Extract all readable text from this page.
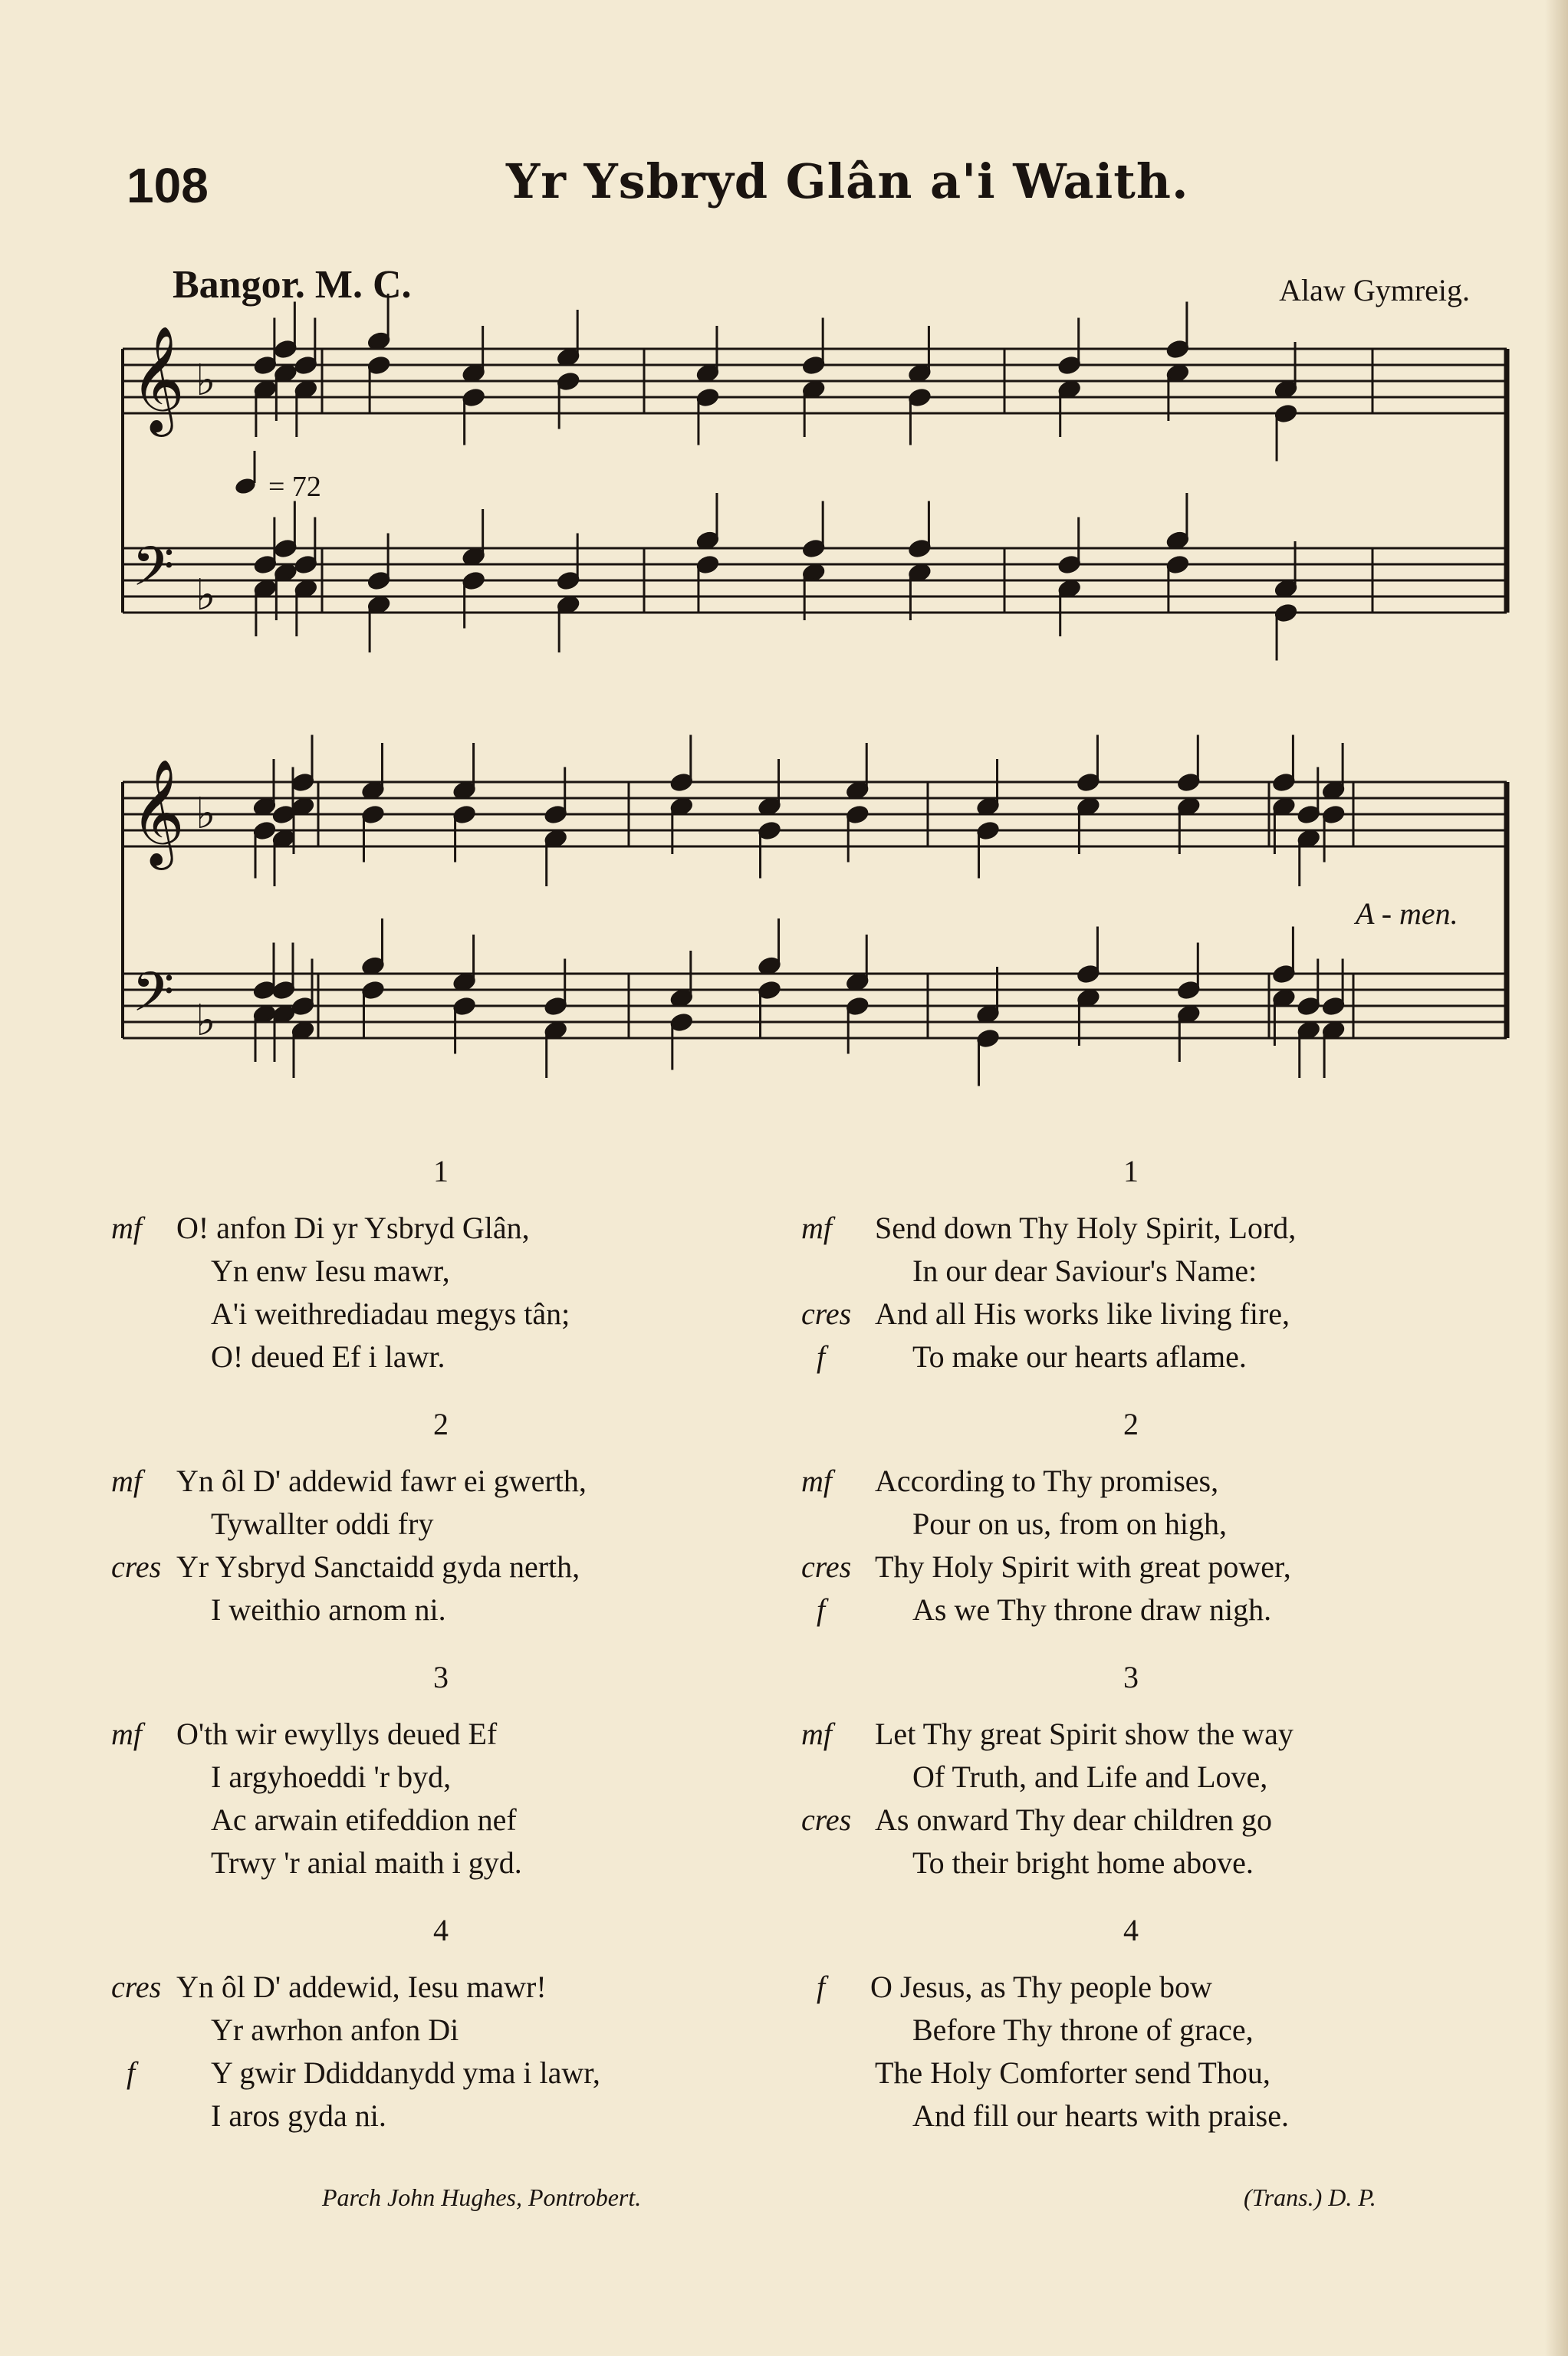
108	Yr Ysbryd Glân a'i Waith.
Bangor. M. C.	Alaw Gymreig.
𝄞
𝄢
♭
♭
𝄞
𝄢
♭
♭
= 72
A - men.
1
mf O! anfon Di yr Ysbryd Glân,
Yn enw Iesu mawr,
A'i weithrediadau megys tân;
O! deued Ef i lawr.
2
mf Yn ôl D' addewid fawr ei gwerth,
Tywallter oddi fry
cres Yr Ysbryd Sanctaidd gyda nerth,
I weithio arnom ni.
3
mf O'th wir ewyllys deued Ef
I argyhoeddi 'r byd,
Ac arwain etifeddion nef
Trwy 'r anial maith i gyd.
4
cres Yn ôl D' addewid, Iesu mawr!
Yr awrhon anfon Di
f Y gwir Ddiddanydd yma i lawr,
I aros gyda ni.
1
mf Send down Thy Holy Spirit, Lord,
In our dear Saviour's Name:
cres And all His works like living fire,
f	To make our hearts aflame.
2
mf According to Thy promises,
Pour on us, from on high,
cres Thy Holy Spirit with great power,
f	As we Thy throne draw nigh.
3
mf Let Thy great Spirit show the way
Of Truth, and Life and Love,
cres As onward Thy dear children go
To their bright home above.
4
f O Jesus, as Thy people bow
Before Thy throne of grace,
The Holy Comforter send Thou,
And fill our hearts with praise.
Parch John Hughes, Pontrobert.	(Trans.) D. P.
